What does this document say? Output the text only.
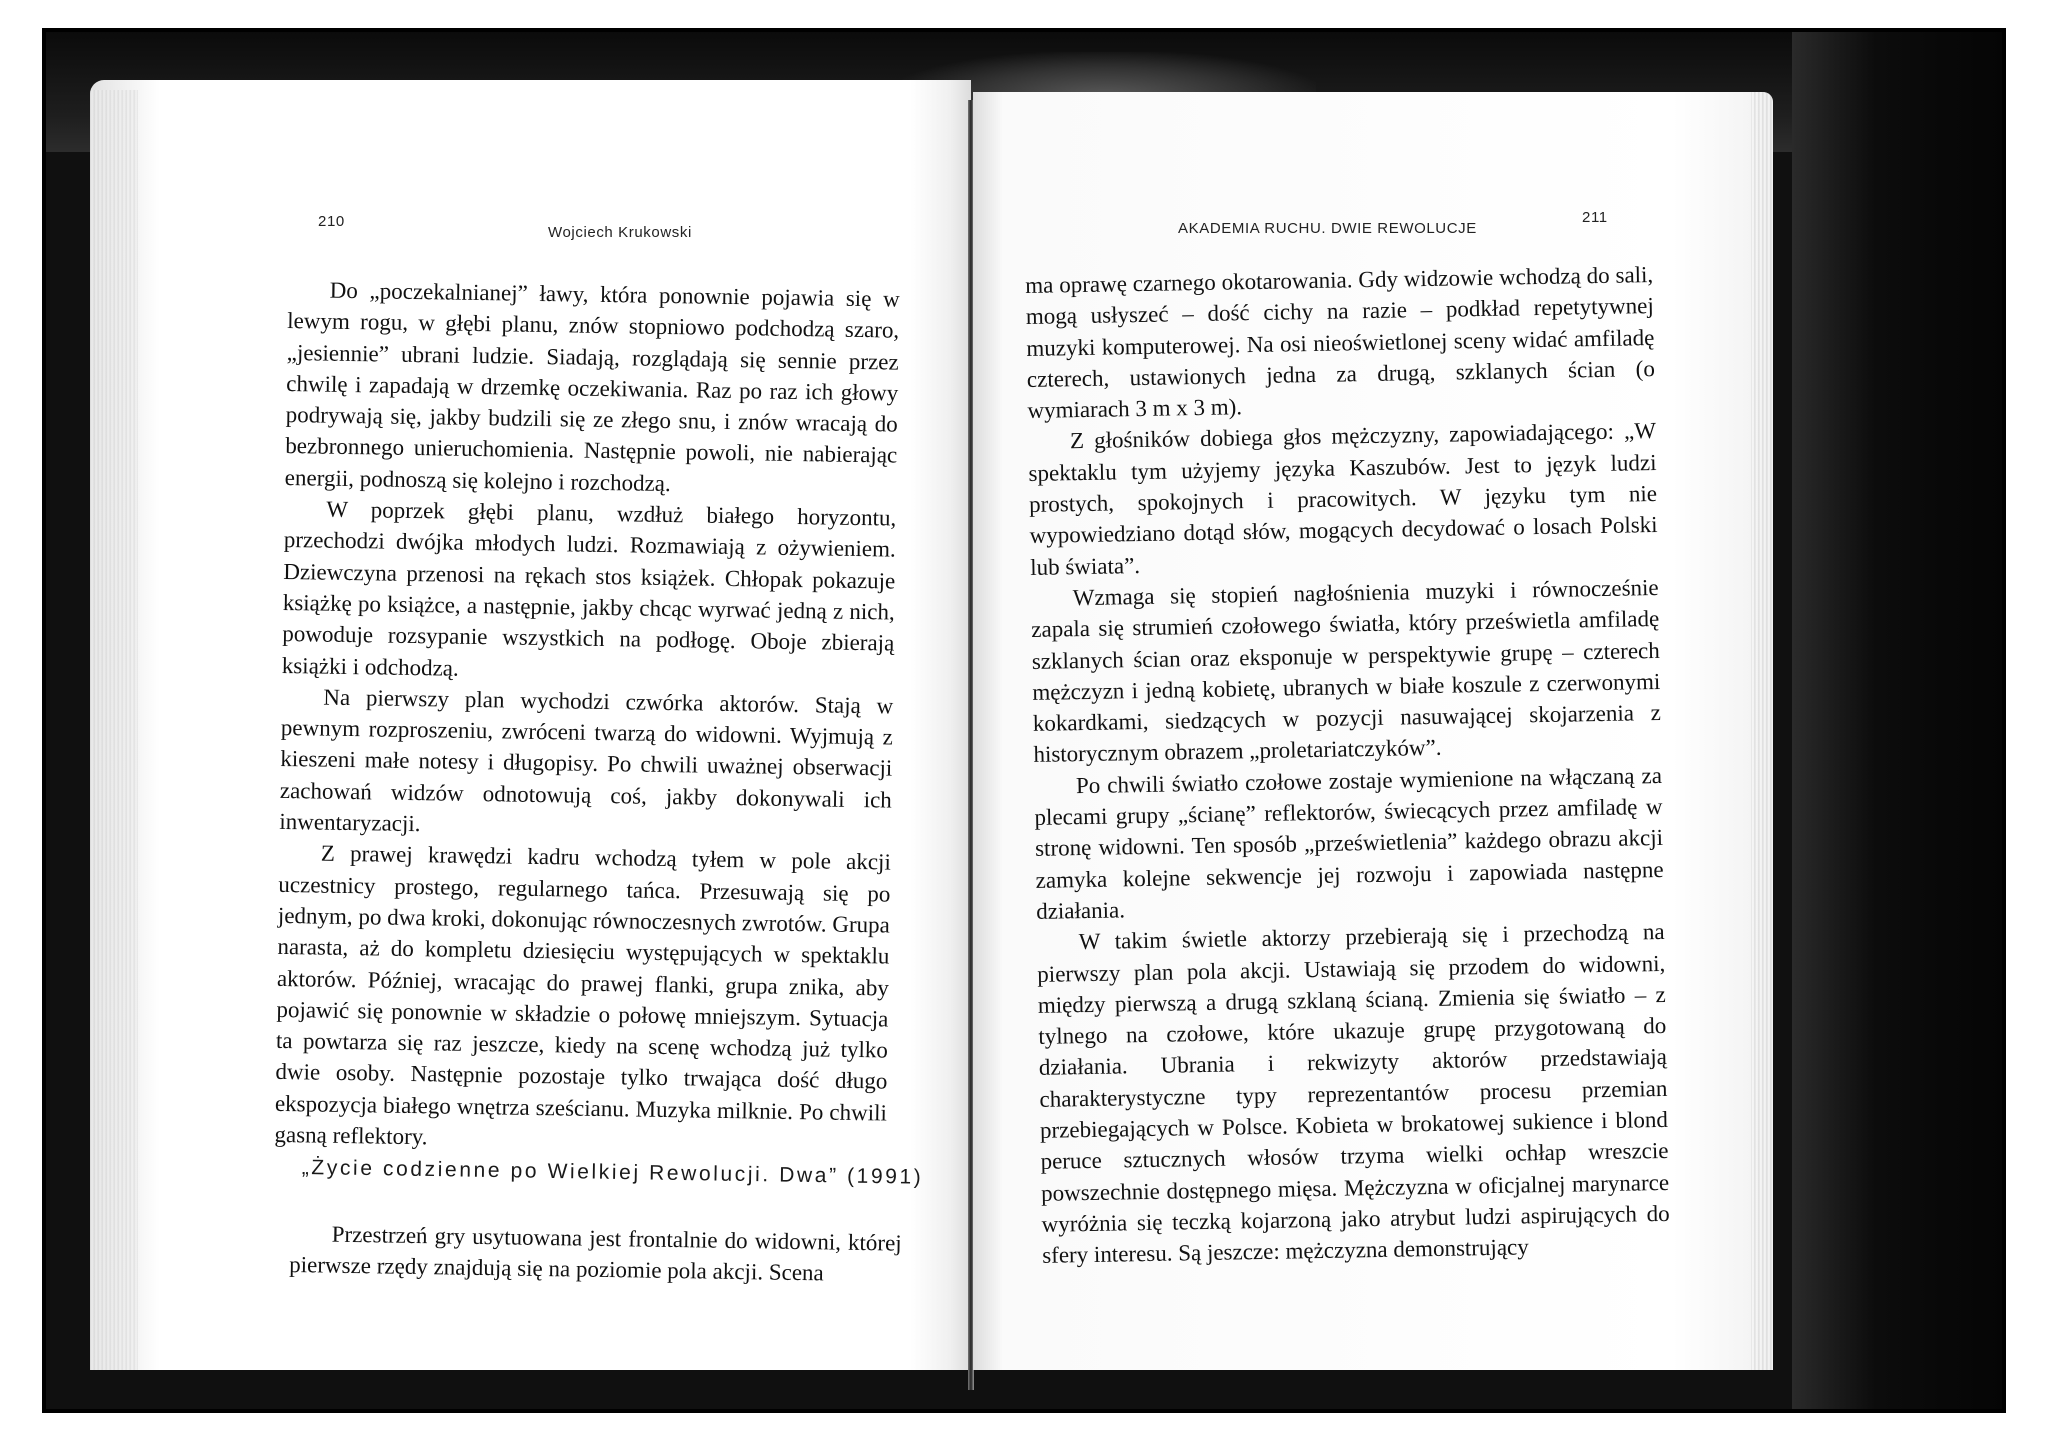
210
Wojciech Krukowski

Do „poczekalnianej” ławy, która ponownie pojawia się w lewym rogu, w głębi planu, znów stopniowo podchodzą szaro, „jesiennie” ubrani ludzie. Siadają, rozglądają się sennie przez chwilę i zapadają w drzemkę oczekiwania. Raz po raz ich głowy podrywają się, jakby budzili się ze złego snu, i znów wracają do bezbronnego unieruchomienia. Następnie powoli, nie nabierając energii, podnoszą się kolejno i rozchodzą.

W poprzek głębi planu, wzdłuż białego horyzontu, przechodzi dwójka młodych ludzi. Rozmawiają z ożywieniem. Dziewczyna przenosi na rękach stos książek. Chłopak pokazuje książkę po książce, a następnie, jakby chcąc wyrwać jedną z nich, powoduje rozsypanie wszystkich na podłogę. Oboje zbierają książki i odchodzą.

Na pierwszy plan wychodzi czwórka aktorów. Stają w pewnym rozproszeniu, zwróceni twarzą do widowni. Wyjmują z kieszeni małe notesy i długopisy. Po chwili uważnej obserwacji zachowań widzów odnotowują coś, jakby dokonywali ich inwentaryzacji.

Z prawej krawędzi kadru wchodzą tyłem w pole akcji uczestnicy prostego, regularnego tańca. Przesuwają się po jednym, po dwa kroki, dokonując równoczesnych zwrotów. Grupa narasta, aż do kompletu dziesięciu występujących w spektaklu aktorów. Później, wracając do prawej flanki, grupa znika, aby pojawić się ponownie w składzie o połowę mniejszym. Sytuacja ta powtarza się raz jeszcze, kiedy na scenę wchodzą już tylko dwie osoby. Następnie pozostaje tylko trwająca dość długo ekspozycja białego wnętrza sześcianu. Muzyka milknie. Po chwili gasną reflektory.

„Życie codzienne po Wielkiej Rewolucji. Dwa” (1991)

Przestrzeń gry usytuowana jest frontalnie do widowni, której pierwsze rzędy znajdują się na poziomie pola akcji. Scena

AKADEMIA RUCHU. DWIE REWOLUCJE
211

ma oprawę czarnego okotarowania. Gdy widzowie wchodzą do sali, mogą usłyszeć – dość cichy na razie – podkład repetytywnej muzyki komputerowej. Na osi nieoświetlonej sceny widać amfiladę czterech, ustawionych jedna za drugą, szklanych ścian (o wymiarach 3 m x 3 m).

Z głośników dobiega głos mężczyzny, zapowiadającego: „W spektaklu tym użyjemy języka Kaszubów. Jest to język ludzi prostych, spokojnych i pracowitych. W języku tym nie wypowiedziano dotąd słów, mogących decydować o losach Polski lub świata”.

Wzmaga się stopień nagłośnienia muzyki i równocześnie zapala się strumień czołowego światła, który prześwietla amfiladę szklanych ścian oraz eksponuje w perspektywie grupę – czterech mężczyzn i jedną kobietę, ubranych w białe koszule z czerwonymi kokardkami, siedzących w pozycji nasuwającej skojarzenia z historycznym obrazem „proletariatczyków”.

Po chwili światło czołowe zostaje wymienione na włączaną za plecami grupy „ścianę” reflektorów, świecących przez amfiladę w stronę widowni. Ten sposób „prześwietlenia” każdego obrazu akcji zamyka kolejne sekwencje jej rozwoju i zapowiada następne działania.

W takim świetle aktorzy przebierają się i przechodzą na pierwszy plan pola akcji. Ustawiają się przodem do widowni, między pierwszą a drugą szklaną ścianą. Zmienia się światło – z tylnego na czołowe, które ukazuje grupę przygotowaną do działania. Ubrania i rekwizyty aktorów przedstawiają charakterystyczne typy reprezentantów procesu przemian przebiegających w Polsce. Kobieta w brokatowej sukience i blond peruce sztucznych włosów trzyma wielki ochłap wreszcie powszechnie dostępnego mięsa. Mężczyzna w oficjalnej marynarce wyróżnia się teczką kojarzoną jako atrybut ludzi aspirujących do sfery interesu. Są jeszcze: mężczyzna demonstrujący
